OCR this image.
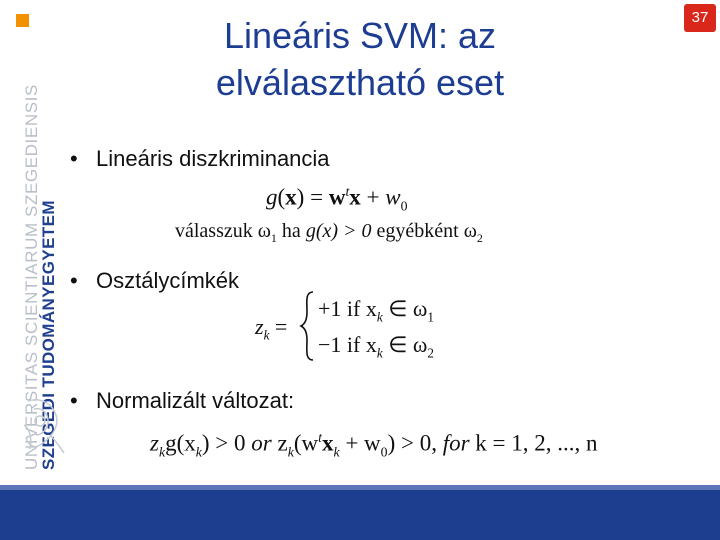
UNIVERSITAS SCIENTIARUM SZEGEDIENSIS
SZEGEDI TUDOMÁNYEGYETEM
37
Lineáris SVM: az
elválasztható eset
• Lineáris diszkriminancia
$g(x) = w^tx + w_0$
válasszuk $\omega_1$ ha g(x) > 0 egyébként $\omega_2$
• Osztálycímkék
$z_k$ =
+1 if $x_k$ ∈ $\omega_1$
−1 if $x_k$ ∈ $\omega_2$
• Normalizált változat:
$z_kg(x_k) > 0$ or $z_k(w^tx_k + w_0) > 0$, for k = 1, 2, ..., n
